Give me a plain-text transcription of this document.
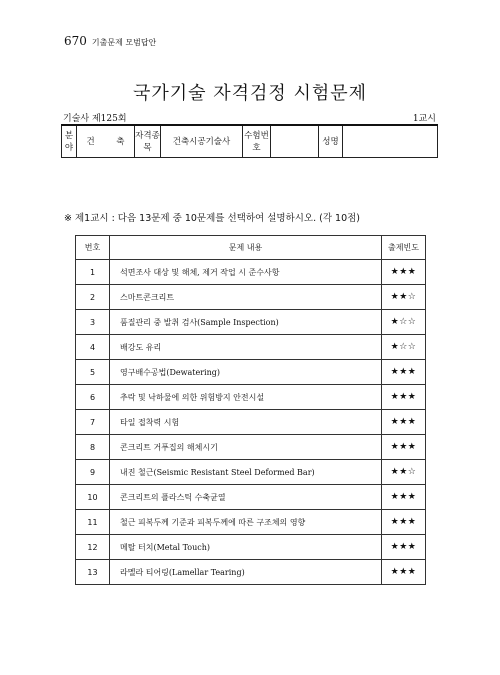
670 기출문제 모범답안
국가기술 자격검정 시험문제
기술사 제125회	1교시
분야	건        축	자격종목	건축시공기술사	수험번호		성명	
※ 제1교시 : 다음 13문제 중 10문제를 선택하여 설명하시오. (각 10점)
번호	문제 내용	출제빈도
1	석면조사 대상 및 해체, 제거 작업 시 준수사항	★★★
2	스마트콘크리트	★★☆
3	품질관리 중 발취 검사(Sample Inspection)	★☆☆
4	배강도 유리	★☆☆
5	영구배수공법(Dewatering)	★★★
6	추락 및 낙하물에 의한 위험방지 안전시설	★★★
7	타일 접착력 시험	★★★
8	콘크리트 거푸집의 해체시기	★★★
9	내진 철근(Seismic Resistant Steel Deformed Bar)	★★☆
10	콘크리트의 플라스틱 수축균열	★★★
11	철근 피복두께 기준과 피복두께에 따른 구조체의 영향	★★★
12	메탈 터치(Metal Touch)	★★★
13	라멜라 티어링(Lamellar Tearing)	★★★
